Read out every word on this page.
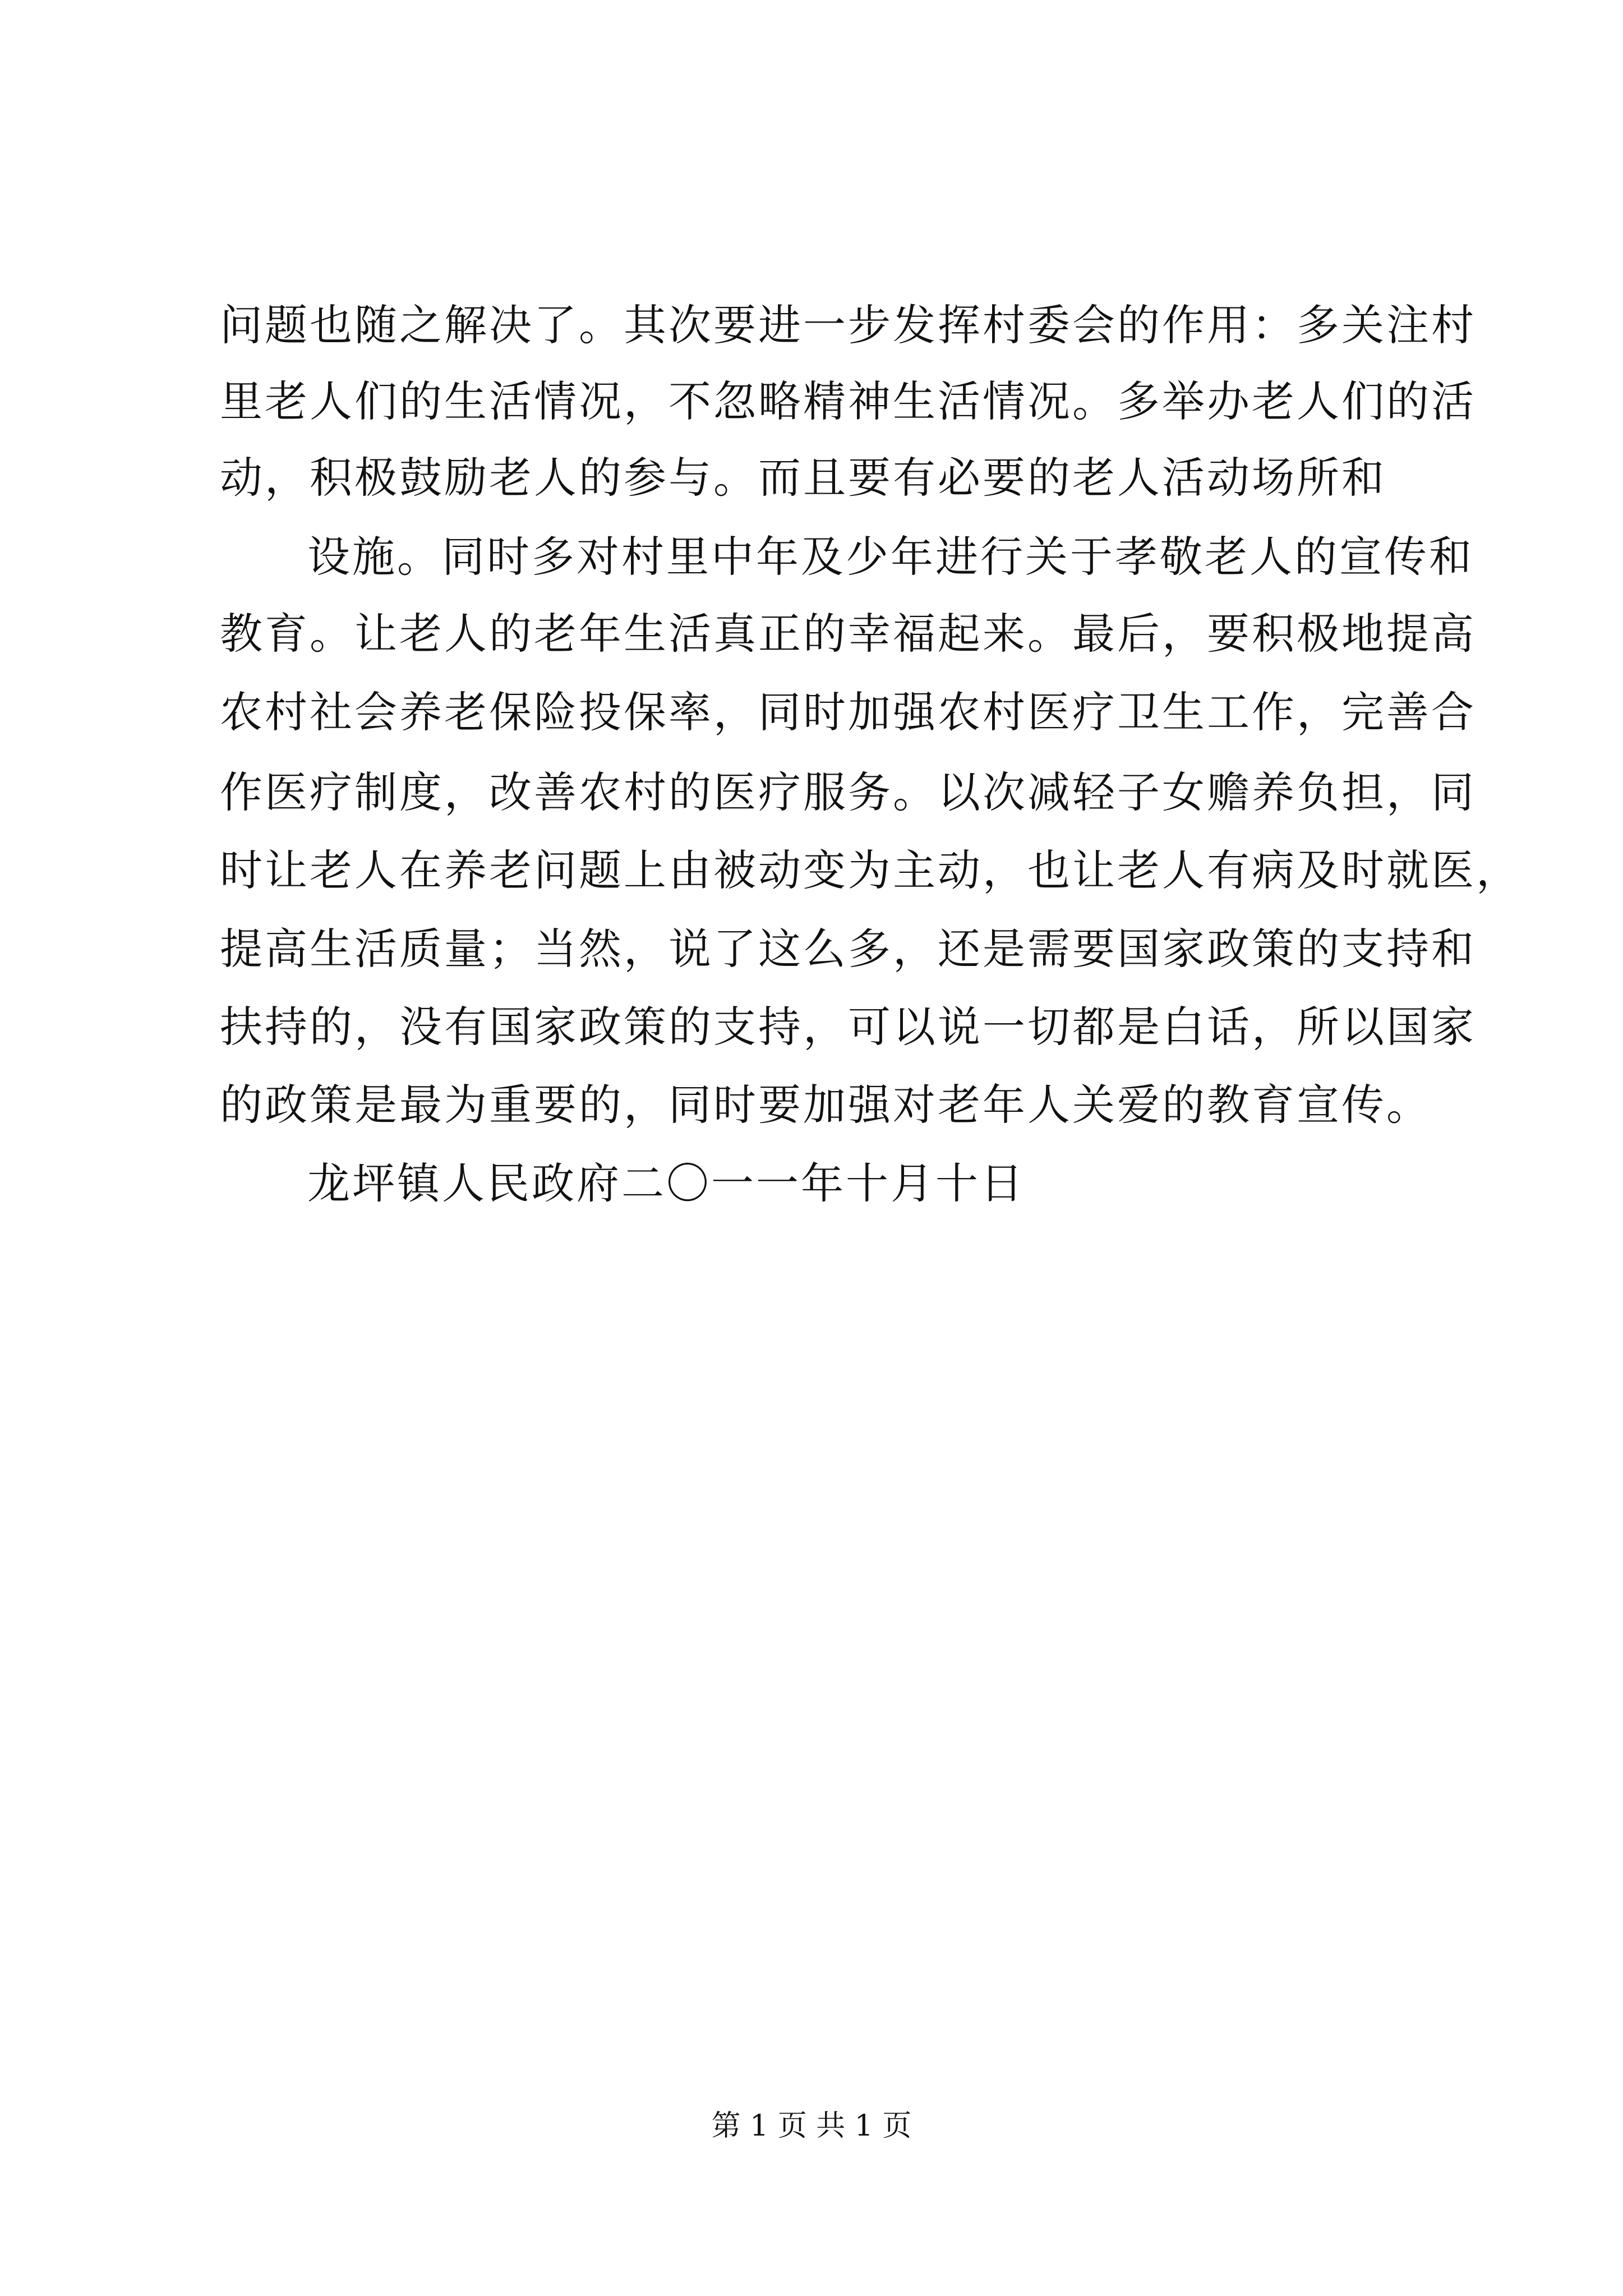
问题也随之解决了。其次要进一步发挥村委会的作用：多关注村
里老人们的生活情况，不忽略精神生活情况。多举办老人们的活
动，积极鼓励老人的参与。而且要有必要的老人活动场所和
设施。同时多对村里中年及少年进行关于孝敬老人的宣传和
教育。让老人的老年生活真正的幸福起来。最后，要积极地提高
农村社会养老保险投保率，同时加强农村医疗卫生工作，完善合
作医疗制度，改善农村的医疗服务。以次减轻子女赡养负担，同
时让老人在养老问题上由被动变为主动，也让老人有病及时就医，
提高生活质量；当然，说了这么多，还是需要国家政策的支持和
扶持的，没有国家政策的支持，可以说一切都是白话，所以国家
的政策是最为重要的，同时要加强对老年人关爱的教育宣传。
龙坪镇人民政府二〇一一年十月十日
第 1 页 共 1 页
